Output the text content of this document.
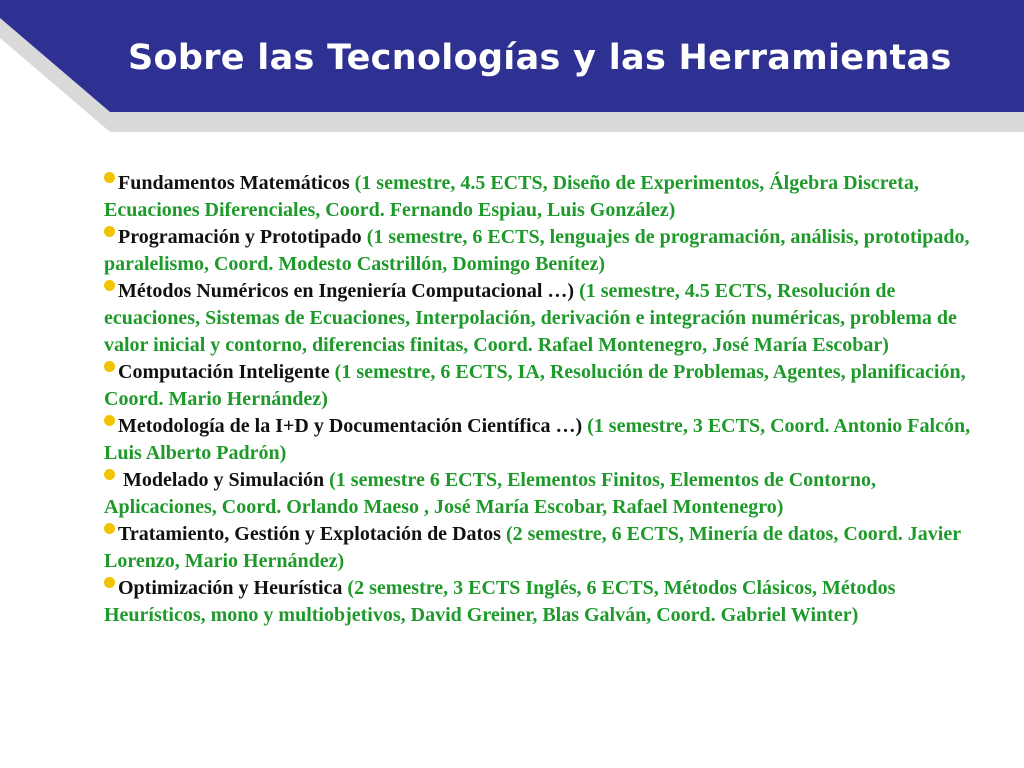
Sobre las Tecnologías y las Herramientas

Fundamentos Matemáticos (1 semestre, 4.5 ECTS, Diseño de Experimentos, Álgebra Discreta, Ecuaciones Diferenciales, Coord. Fernando Espiau, Luis González)

Programación y Prototipado (1 semestre, 6 ECTS, lenguajes de programación, análisis, prototipado, paralelismo, Coord. Modesto Castrillón, Domingo Benítez)

Métodos Numéricos en Ingeniería Computacional …) (1 semestre, 4.5 ECTS, Resolución de ecuaciones, Sistemas de Ecuaciones, Interpolación, derivación e integración numéricas, problema de valor inicial y contorno, diferencias finitas, Coord. Rafael Montenegro, José María Escobar)

Computación Inteligente (1 semestre, 6 ECTS, IA, Resolución de Problemas, Agentes, planificación, Coord. Mario Hernández)

Metodología de la I+D y Documentación Científica …) (1 semestre, 3 ECTS, Coord. Antonio Falcón, Luis Alberto Padrón)

Modelado y Simulación (1 semestre 6 ECTS, Elementos Finitos, Elementos de Contorno, Aplicaciones, Coord. Orlando Maeso , José María Escobar, Rafael Montenegro)

Tratamiento, Gestión y Explotación de Datos (2 semestre, 6 ECTS, Minería de datos, Coord. Javier Lorenzo, Mario Hernández)

Optimización y Heurística (2 semestre, 3 ECTS Inglés, 6 ECTS, Métodos Clásicos, Métodos Heurísticos, mono y multiobjetivos, David Greiner, Blas Galván, Coord. Gabriel Winter)
